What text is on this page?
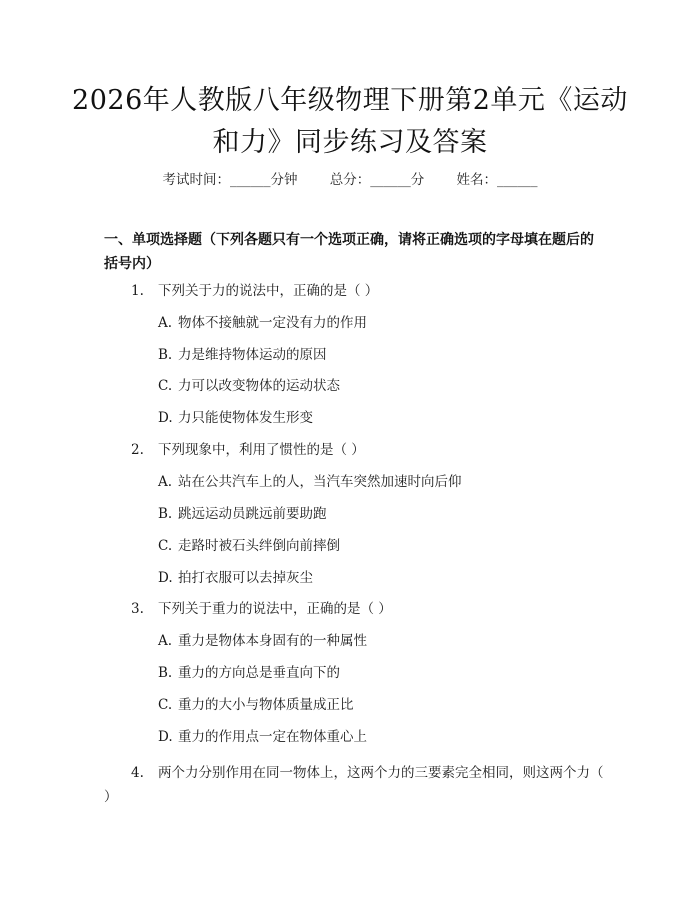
2026年人教版八年级物理下册第2单元《运动和力》同步练习及答案
考试时间：______分钟 总分：______分 姓名：______
一、单项选择题（下列各题只有一个选项正确，请将正确选项的字母填在题后的括号内）
1. 下列关于力的说法中，正确的是（ ）
A. 物体不接触就一定没有力的作用
B. 力是维持物体运动的原因
C. 力可以改变物体的运动状态
D. 力只能使物体发生形变
2. 下列现象中，利用了惯性的是（ ）
A. 站在公共汽车上的人，当汽车突然加速时向后仰
B. 跳远运动员跳远前要助跑
C. 走路时被石头绊倒向前摔倒
D. 拍打衣服可以去掉灰尘
3. 下列关于重力的说法中，正确的是（ ）
A. 重力是物体本身固有的一种属性
B. 重力的方向总是垂直向下的
C. 重力的大小与物体质量成正比
D. 重力的作用点一定在物体重心上
4. 两个力分别作用在同一物体上，这两个力的三要素完全相同，则这两个力（ ）
